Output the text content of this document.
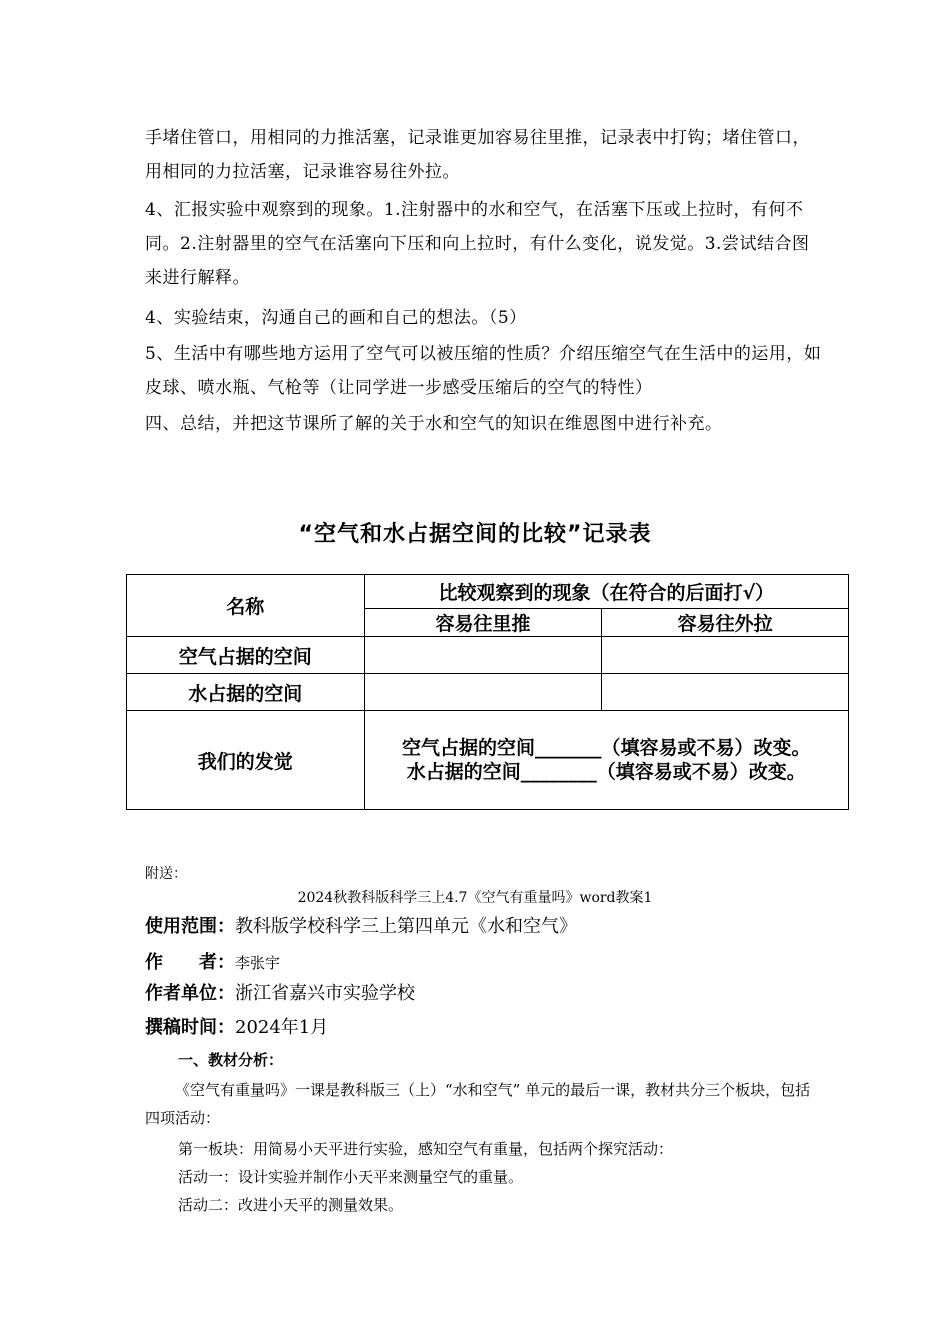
手堵住管口，用相同的力推活塞，记录谁更加容易往里推，记录表中打钩；堵住管口，用相同的力拉活塞，记录谁容易往外拉。
4、汇报实验中观察到的现象。1.注射器中的水和空气，在活塞下压或上拉时，有何不同。2.注射器里的空气在活塞向下压和向上拉时，有什么变化，说发觉。3.尝试结合图来进行解释。
4、实验结束，沟通自己的画和自己的想法。（5）
5、生活中有哪些地方运用了空气可以被压缩的性质？介绍压缩空气在生活中的运用，如皮球、喷水瓶、气枪等（让同学进一步感受压缩后的空气的特性）
四、总结，并把这节课所了解的关于水和空气的知识在维恩图中进行补充。
“空气和水占据空间的比较”记录表
名称	比较观察到的现象（在符合的后面打√）	
	容易往里推	容易往外拉
空气占据的空间		
水占据的空间		
我们的发觉	空气占据的空间_______（填容易或不易）改变。
水占据的空间________（填容易或不易）改变。	
附送：
2024秋教科版科学三上4.7《空气有重量吗》word教案1
使用范围：教科版学校科学三上第四单元《水和空气》
作　　者：李张宇
作者单位：浙江省嘉兴市实验学校
撰稿时间：2024年1月
一、教材分析：
《空气有重量吗》一课是教科版三（上）“水和空气” 单元的最后一课，教材共分三个板块，包括四项活动：
第一板块：用简易小天平进行实验，感知空气有重量，包括两个探究活动：
活动一：设计实验并制作小天平来测量空气的重量。
活动二：改进小天平的测量效果。
